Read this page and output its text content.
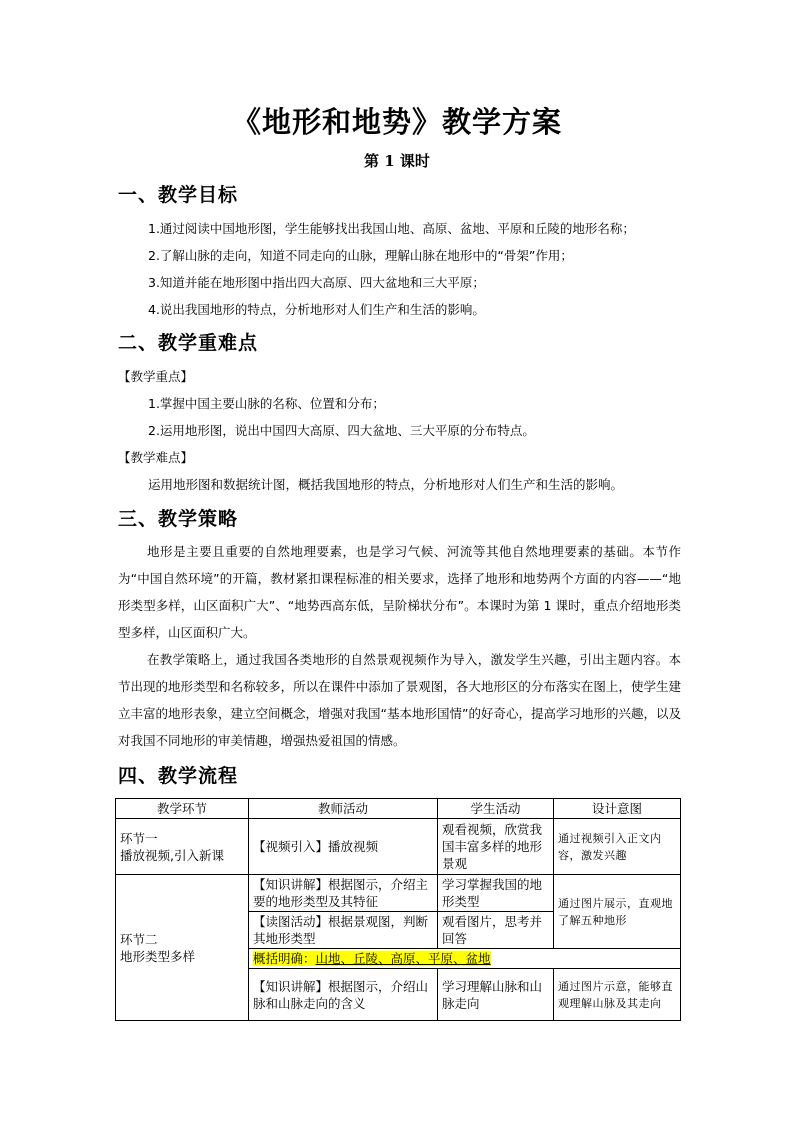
《地形和地势》教学方案
第 1 课时
一、教学目标
1.通过阅读中国地形图，学生能够找出我国山地、高原、盆地、平原和丘陵的地形名称；
2.了解山脉的走向，知道不同走向的山脉，理解山脉在地形中的“骨架”作用；
3.知道并能在地形图中指出四大高原、四大盆地和三大平原；
4.说出我国地形的特点，分析地形对人们生产和生活的影响。
二、教学重难点
【教学重点】
1.掌握中国主要山脉的名称、位置和分布；
2.运用地形图，说出中国四大高原、四大盆地、三大平原的分布特点。
【教学难点】
运用地形图和数据统计图，概括我国地形的特点，分析地形对人们生产和生活的影响。
三、教学策略
地形是主要且重要的自然地理要素，也是学习气候、河流等其他自然地理要素的基础。本节作为“中国自然环境”的开篇，教材紧扣课程标准的相关要求，选择了地形和地势两个方面的内容——“地形类型多样，山区面积广大”、“地势西高东低，呈阶梯状分布”。本课时为第 1 课时，重点介绍地形类型多样，山区面积广大。
在教学策略上，通过我国各类地形的自然景观视频作为导入，激发学生兴趣，引出主题内容。本节出现的地形类型和名称较多，所以在课件中添加了景观图，各大地形区的分布落实在图上，使学生建立丰富的地形表象，建立空间概念，增强对我国“基本地形国情”的好奇心，提高学习地形的兴趣，以及对我国不同地形的审美情趣，增强热爱祖国的情感。
四、教学流程
教学环节	教师活动	学生活动	设计意图
环节一
播放视频,引入新课	【视频引入】播放视频	观看视频，欣赏我国丰富多样的地形景观	通过视频引入正文内容，激发兴趣
环节二
地形类型多样	【知识讲解】根据图示，介绍主要的地形类型及其特征	学习掌握我国的地形类型	通过图片展示，直观地了解五种地形
	【读图活动】根据景观图，判断其地形类型	观看图片，思考并回答	
	概括明确：山地、丘陵、高原、平原、盆地		
	【知识讲解】根据图示，介绍山脉和山脉走向的含义	学习理解山脉和山脉走向	通过图片示意，能够直观理解山脉及其走向
